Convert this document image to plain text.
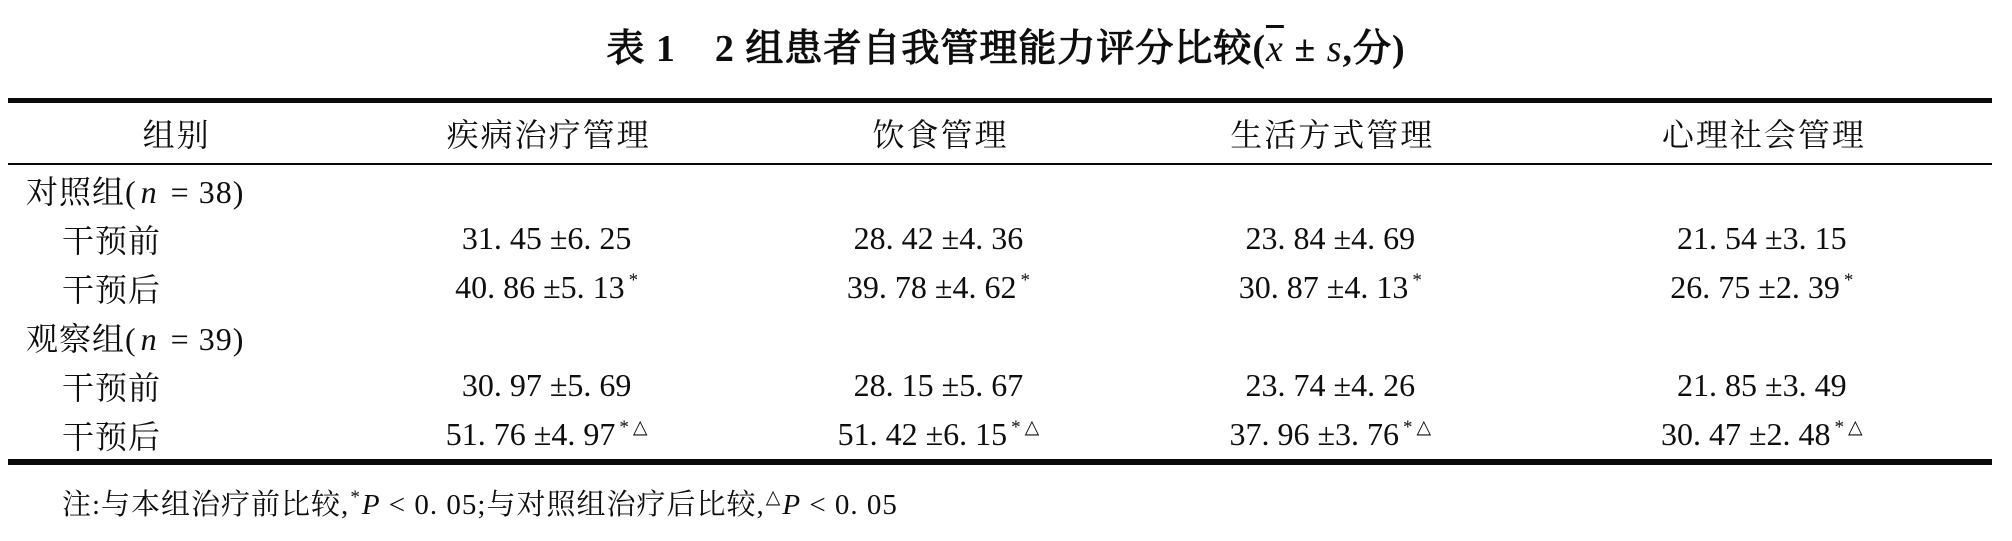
表 1　2 组患者自我管理能力评分比较($\overline{x} \pm s$,分)
组别	疾病治疗管理	饮食管理	生活方式管理	心理社会管理
对照组( n = 38)				
干预前	31. 45 ±6. 25	28. 42 ±4. 36	23. 84 ±4. 69	21. 54 ±3. 15
干预后	40. 86 ±5. 13 *	39. 78 ±4. 62 *	30. 87 ±4. 13 *	26. 75 ±2. 39 *
观察组( n = 39)				
干预前	30. 97 ±5. 69	28. 15 ±5. 67	23. 74 ±4. 26	21. 85 ±3. 49
干预后	51. 76 ±4. 97 *△	51. 42 ±6. 15 *△	37. 96 ±3. 76 *△	30. 47 ±2. 48 *△
注:与本组治疗前比较,*P < 0. 05;与对照组治疗后比较,△P < 0. 05
